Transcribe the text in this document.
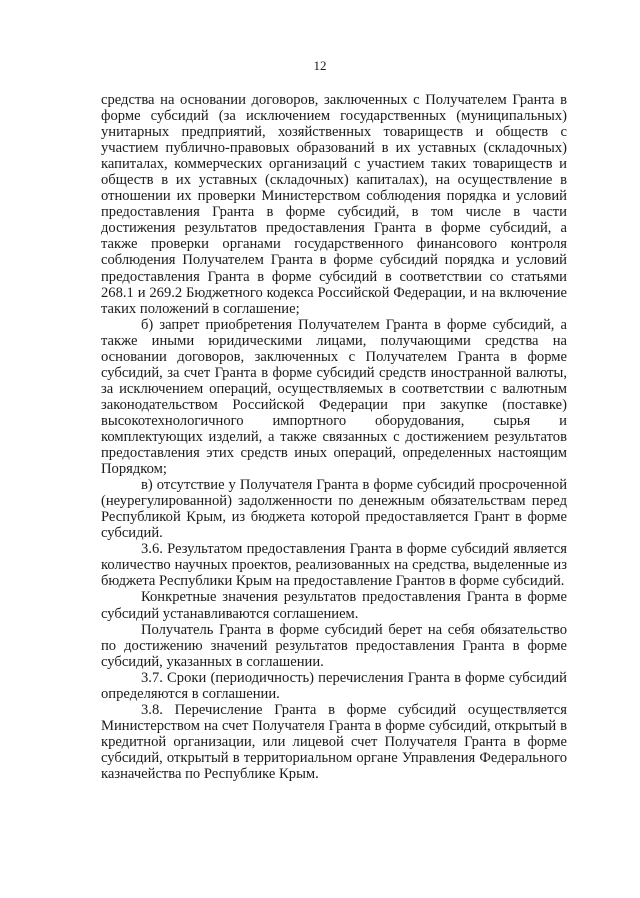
12

средства на основании договоров, заключенных с Получателем Гранта в форме субсидий (за исключением государственных (муниципальных) унитарных предприятий, хозяйственных товариществ и обществ с участием публично-правовых образований в их уставных (складочных) капиталах, коммерческих организаций с участием таких товариществ и обществ в их уставных (складочных) капиталах), на осуществление в отношении их проверки Министерством соблюдения порядка и условий предоставления Гранта в форме субсидий, в том числе в части достижения результатов предоставления Гранта в форме субсидий, а также проверки органами государственного финансового контроля соблюдения Получателем Гранта в форме субсидий порядка и условий предоставления Гранта в форме субсидий в соответствии со статьями 268.1 и 269.2 Бюджетного кодекса Российской Федерации, и на включение таких положений в соглашение;

б) запрет приобретения Получателем Гранта в форме субсидий, а также иными юридическими лицами, получающими средства на основании договоров, заключенных с Получателем Гранта в форме субсидий, за счет Гранта в форме субсидий средств иностранной валюты, за исключением операций, осуществляемых в соответствии с валютным законодательством Российской Федерации при закупке (поставке) высокотехнологичного импортного оборудования, сырья и комплектующих изделий, а также связанных с достижением результатов предоставления этих средств иных операций, определенных настоящим Порядком;

в) отсутствие у Получателя Гранта в форме субсидий просроченной (неурегулированной) задолженности по денежным обязательствам перед Республикой Крым, из бюджета которой предоставляется Грант в форме субсидий.

3.6. Результатом предоставления Гранта в форме субсидий является количество научных проектов, реализованных на средства, выделенные из бюджета Республики Крым на предоставление Грантов в форме субсидий.

Конкретные значения результатов предоставления Гранта в форме субсидий устанавливаются соглашением.

Получатель Гранта в форме субсидий берет на себя обязательство по достижению значений результатов предоставления Гранта в форме субсидий, указанных в соглашении.

3.7. Сроки (периодичность) перечисления Гранта в форме субсидий определяются в соглашении.

3.8. Перечисление Гранта в форме субсидий осуществляется Министерством на счет Получателя Гранта в форме субсидий, открытый в кредитной организации, или лицевой счет Получателя Гранта в форме субсидий, открытый в территориальном органе Управления Федерального казначейства по Республике Крым.
